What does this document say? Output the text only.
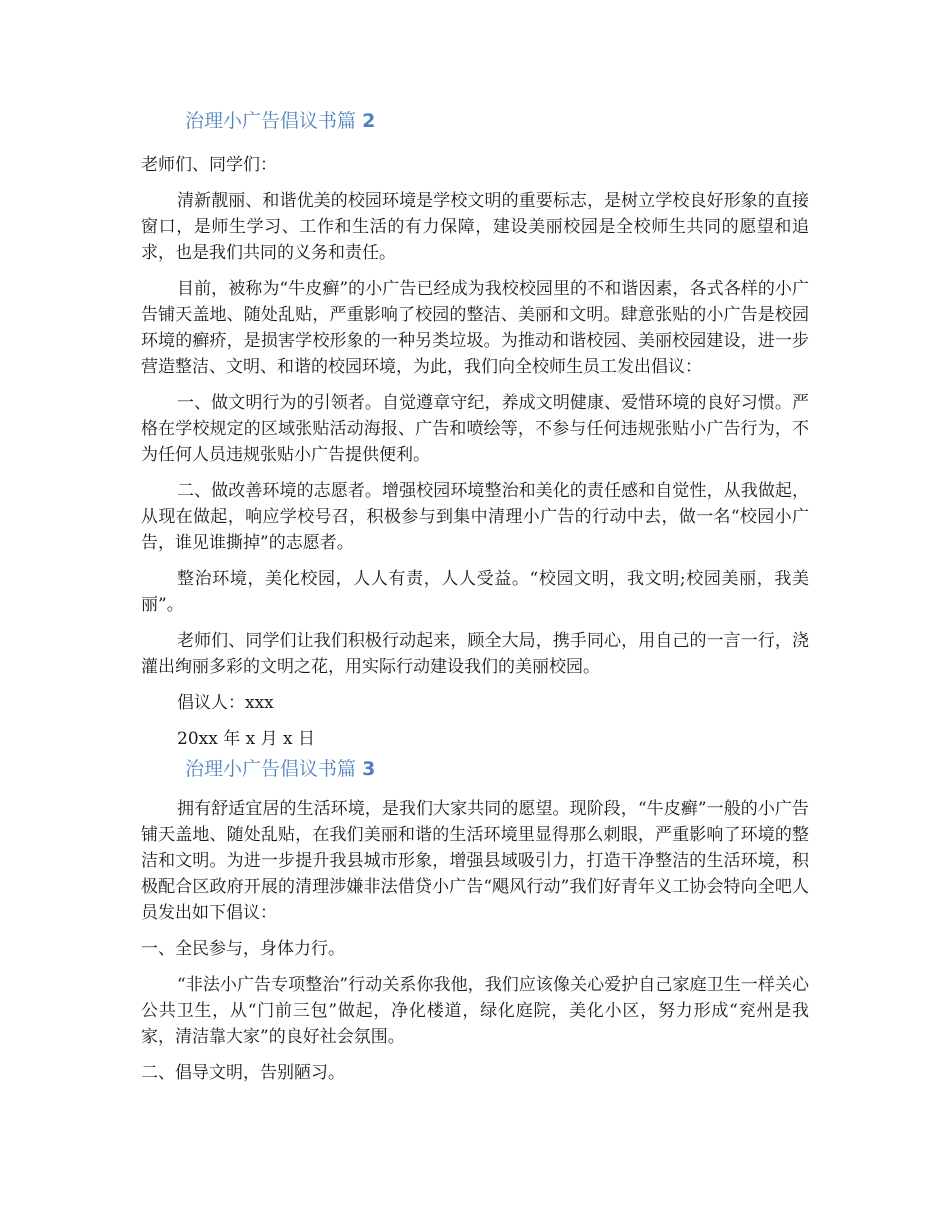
治理小广告倡议书篇 2

老师们、同学们：

清新靓丽、和谐优美的校园环境是学校文明的重要标志，是树立学校良好形象的直接窗口，是师生学习、工作和生活的有力保障，建设美丽校园是全校师生共同的愿望和追求，也是我们共同的义务和责任。

目前，被称为“牛皮癣”的小广告已经成为我校校园里的不和谐因素，各式各样的小广告铺天盖地、随处乱贴，严重影响了校园的整洁、美丽和文明。肆意张贴的小广告是校园环境的癣疥，是损害学校形象的一种另类垃圾。为推动和谐校园、美丽校园建设，进一步营造整洁、文明、和谐的校园环境，为此，我们向全校师生员工发出倡议：

一、做文明行为的引领者。自觉遵章守纪，养成文明健康、爱惜环境的良好习惯。严格在学校规定的区域张贴活动海报、广告和喷绘等，不参与任何违规张贴小广告行为，不为任何人员违规张贴小广告提供便利。

二、做改善环境的志愿者。增强校园环境整治和美化的责任感和自觉性，从我做起，从现在做起，响应学校号召，积极参与到集中清理小广告的行动中去，做一名“校园小广告，谁见谁撕掉”的志愿者。

整治环境，美化校园，人人有责，人人受益。“校园文明，我文明;校园美丽，我美丽”。

老师们、同学们让我们积极行动起来，顾全大局，携手同心，用自己的一言一行，浇灌出绚丽多彩的文明之花，用实际行动建设我们的美丽校园。

倡议人：xxx

20xx 年 x 月 x 日

治理小广告倡议书篇 3

拥有舒适宜居的生活环境，是我们大家共同的愿望。现阶段，“牛皮癣”一般的小广告铺天盖地、随处乱贴，在我们美丽和谐的生活环境里显得那么刺眼，严重影响了环境的整洁和文明。为进一步提升我县城市形象，增强县域吸引力，打造干净整洁的生活环境，积极配合区政府开展的清理涉嫌非法借贷小广告“飓风行动”我们好青年义工协会特向全吧人员发出如下倡议：

一、全民参与，身体力行。

“非法小广告专项整治”行动关系你我他，我们应该像关心爱护自己家庭卫生一样关心公共卫生，从“门前三包”做起，净化楼道，绿化庭院，美化小区，努力形成“兖州是我家，清洁靠大家”的良好社会氛围。

二、倡导文明，告别陋习。
